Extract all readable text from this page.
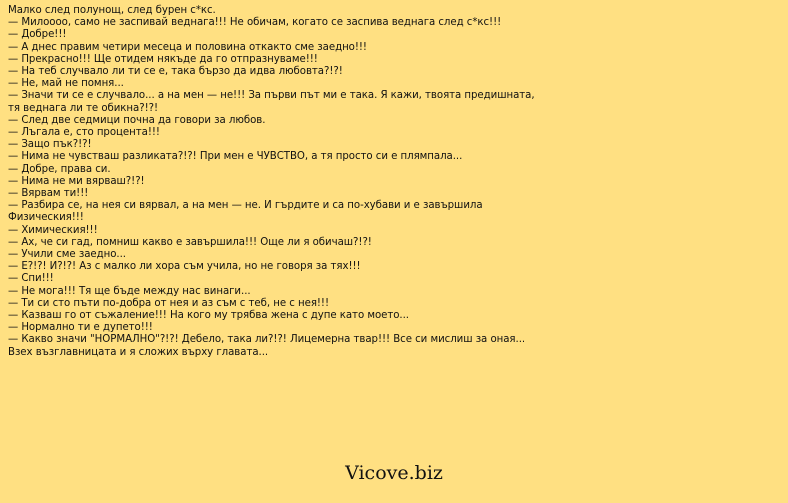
Малко след полунощ, след бурен с*кс.
— Милоооо, само не заспивай веднага!!! Не обичам, когато се заспива веднага след с*кс!!!
— Добре!!!
— А днес правим четири месеца и половина откакто сме заедно!!!
— Прекрасно!!! Ще отидем някъде да го отпразнуваме!!!
— На теб случвало ли ти се е, така бързо да идва любовта?!?!
— Не, май не помня...
— Значи ти се е случвало... а на мен — не!!! За първи път ми е така. Я кажи, твоята предишната,
тя веднага ли те обикна?!?!
— След две седмици почна да говори за любов.
— Лъгала е, сто процента!!!
— Защо пък?!?!
— Нима не чувстваш разликата?!?! При мен е ЧУВСТВО, а тя просто си е плямпала...
— Добре, права си.
— Нима не ми вярваш?!?!
— Вярвам ти!!!
— Разбира се, на нея си вярвал, а на мен — не. И гърдите и са по-хубави и е завършила
Физическия!!!
— Химическия!!!
— Ах, че си гад, помниш какво е завършила!!! Още ли я обичаш?!?!
— Учили сме заедно...
— Е?!?! И?!?! Аз с малко ли хора съм учила, но не говоря за тях!!!
— Спи!!!
— Не мога!!! Тя ще бъде между нас винаги...
— Ти си сто пъти по-добра от нея и аз съм с теб, не с нея!!!
— Казваш го от съжаление!!! На кого му трябва жена с дупе като моето...
— Нормално ти е дупето!!!
— Какво значи "НОРМАЛНО"?!?! Дебело, така ли?!?! Лицемерна твар!!! Все си мислиш за оная...
Взех възглавницата и я сложих върху главата...
Vicove.biz
